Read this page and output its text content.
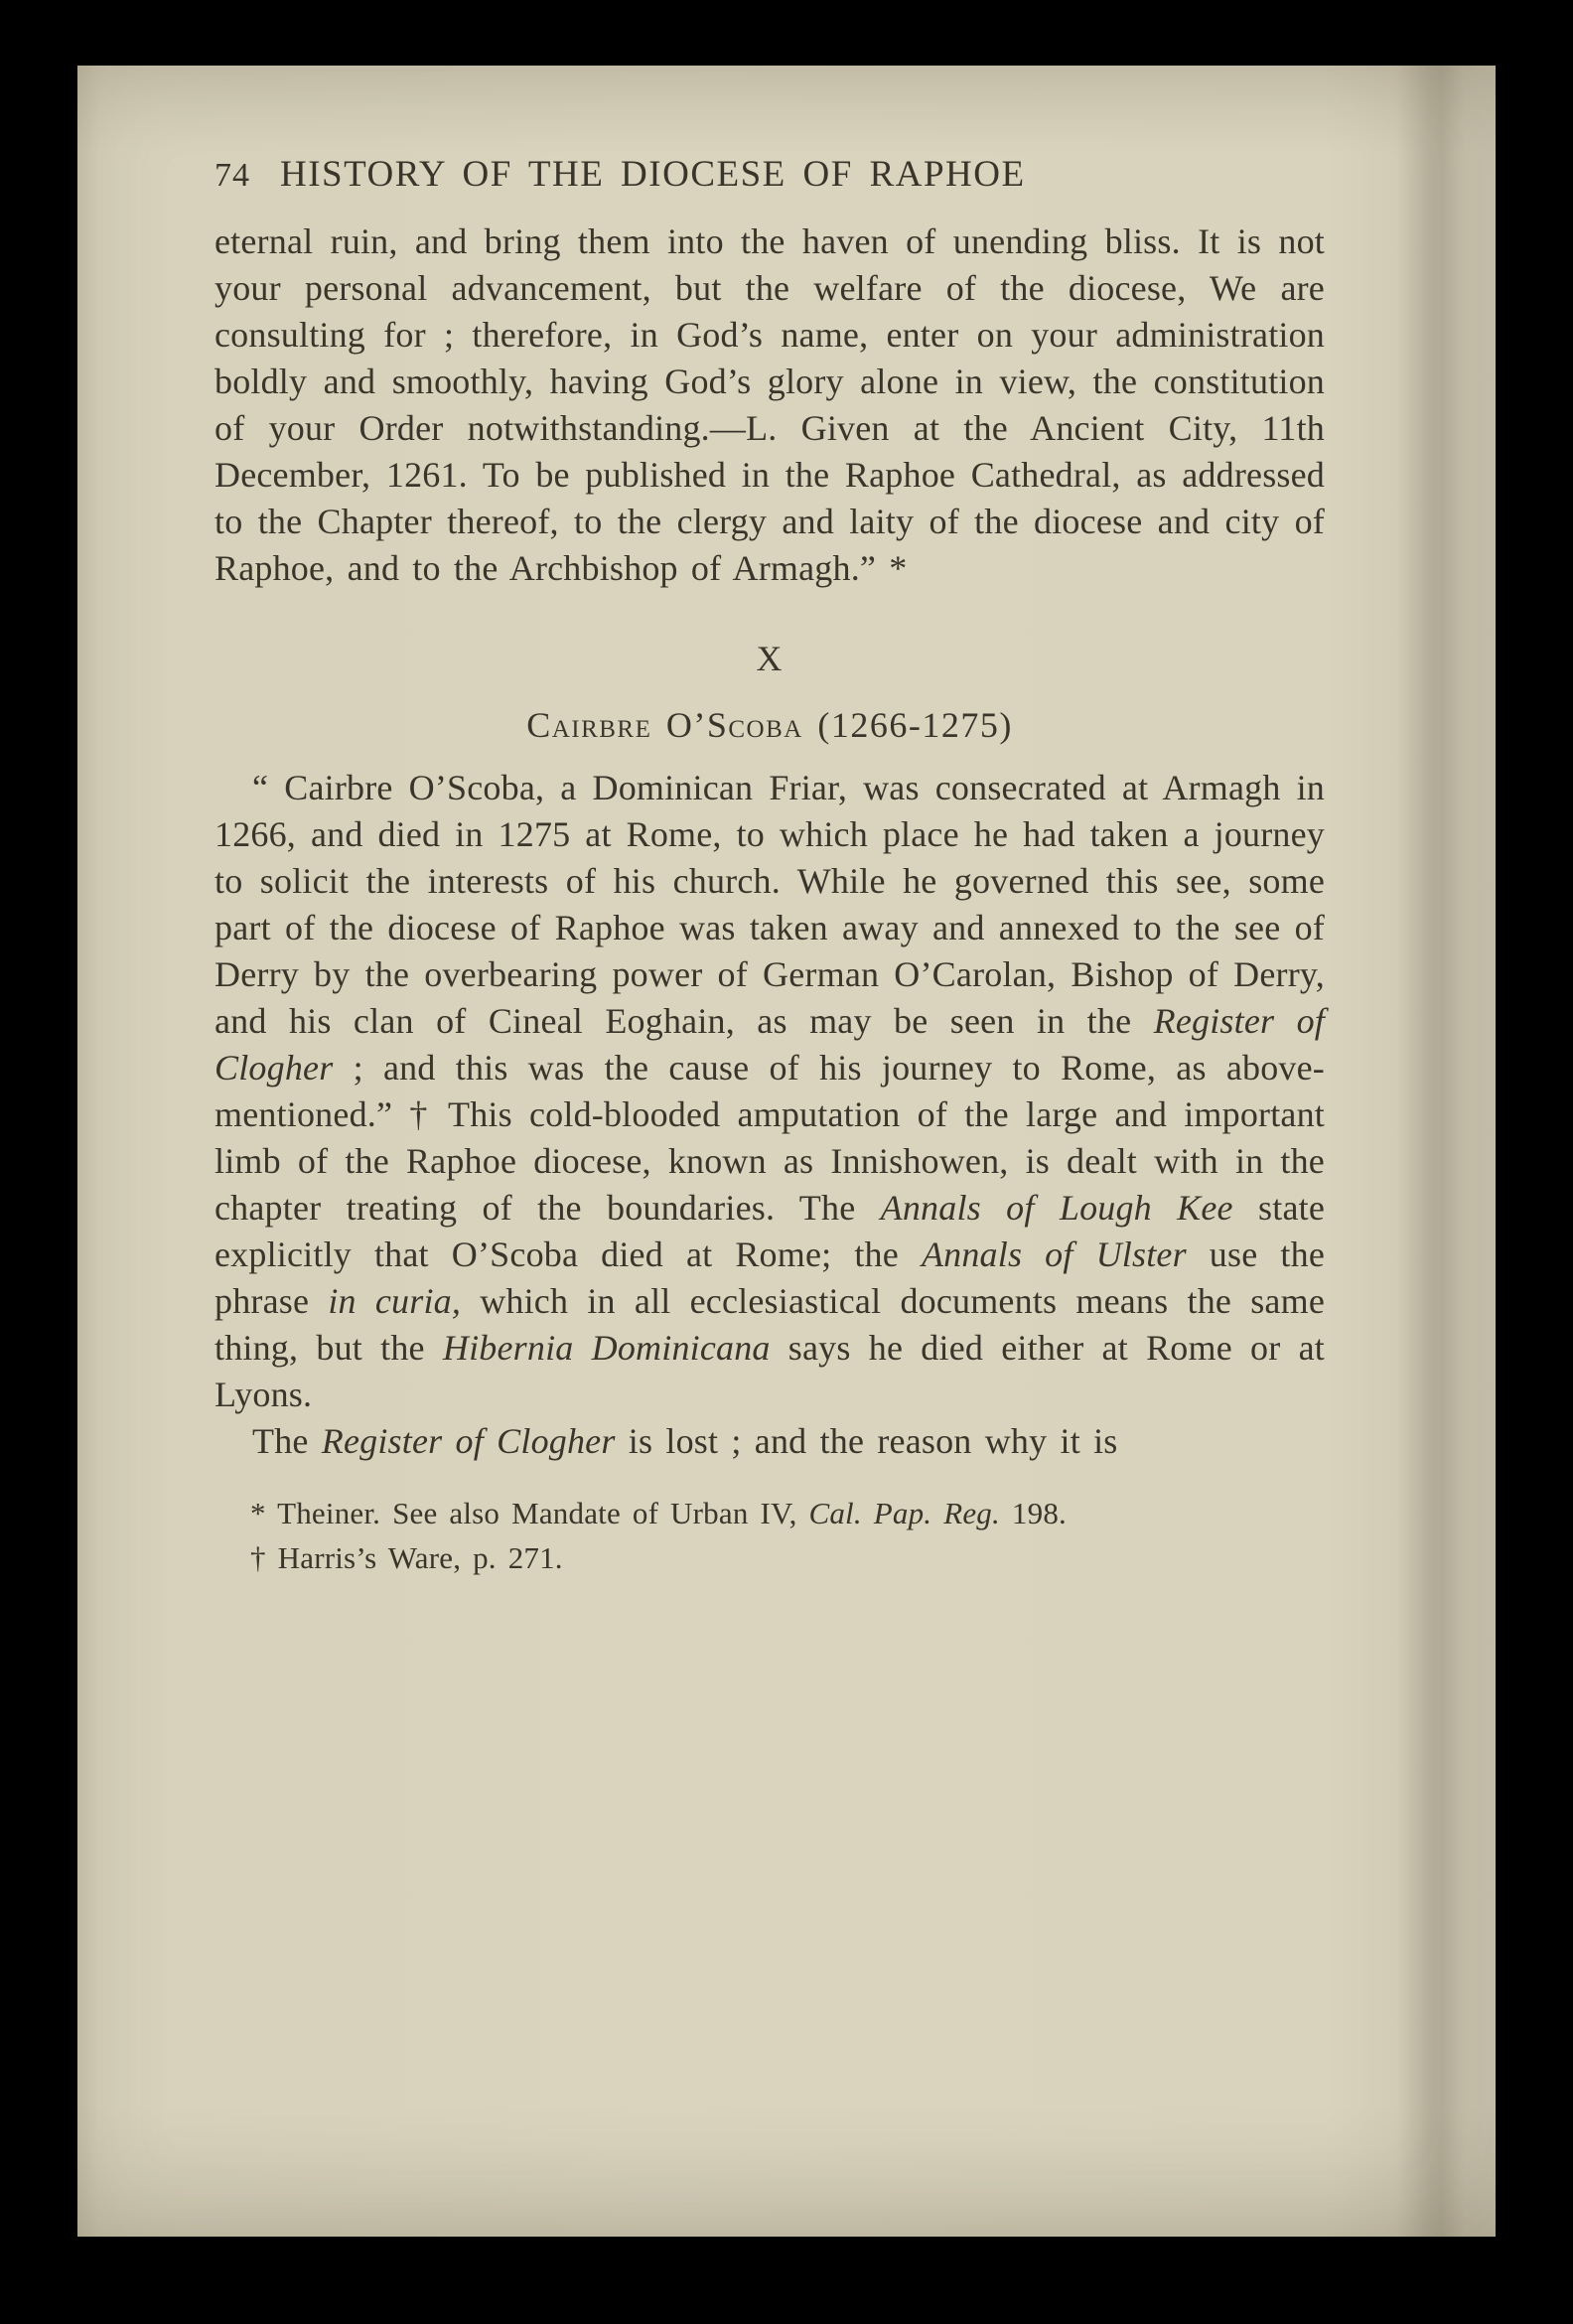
74 HISTORY OF THE DIOCESE OF RAPHOE

eternal ruin, and bring them into the haven of unending bliss. It is not your personal advancement, but the welfare of the diocese, We are consulting for ; therefore, in God’s name, enter on your administration boldly and smoothly, having God’s glory alone in view, the constitution of your Order notwithstanding.—L. Given at the Ancient City, 11th December, 1261. To be published in the Raphoe Cathedral, as addressed to the Chapter thereof, to the clergy and laity of the diocese and city of Raphoe, and to the Archbishop of Armagh.” *

X
Cairbre O’Scoba (1266-1275)

“ Cairbre O’Scoba, a Dominican Friar, was consecrated at Armagh in 1266, and died in 1275 at Rome, to which place he had taken a journey to solicit the interests of his church. While he governed this see, some part of the diocese of Raphoe was taken away and annexed to the see of Derry by the overbearing power of German O’Carolan, Bishop of Derry, and his clan of Cineal Eoghain, as may be seen in the Register of Clogher ; and this was the cause of his journey to Rome, as above-mentioned.” † This cold-blooded amputation of the large and important limb of the Raphoe diocese, known as Innishowen, is dealt with in the chapter treating of the boundaries. The Annals of Lough Kee state explicitly that O’Scoba died at Rome; the Annals of Ulster use the phrase in curia, which in all ecclesiastical documents means the same thing, but the Hibernia Dominicana says he died either at Rome or at Lyons.

The Register of Clogher is lost ; and the reason why it is

* Theiner. See also Mandate of Urban IV, Cal. Pap. Reg. 198.

† Harris’s Ware, p. 271.
